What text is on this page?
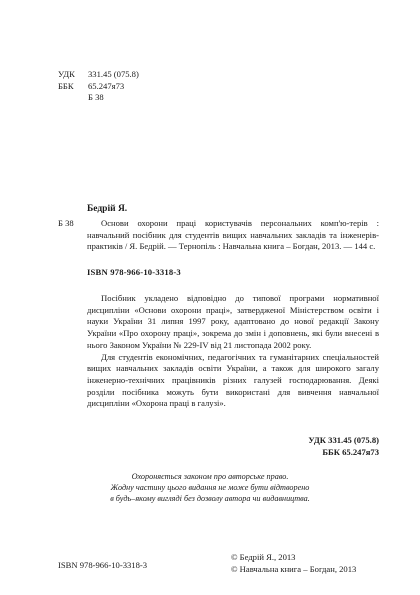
УДК	331.45 (075.8)
ББК	65.247я73
Б 38
Бедрій Я.
Б 38	Основи охорони праці користувачів персональних комп'ю-терів : навчальний посібник для студентів вищих навчальних закладів та інженерів-практиків / Я. Бедрій. — Тернопіль : Навчальна книга – Богдан, 2013. — 144 с.
ISBN 978-966-10-3318-3

Посібник укладено відповідно до типової програми нормативної дисципліни «Основи охорони праці», затвердженої Міністерством освіти і науки України 31 липня 1997 року, адаптовано до нової редакції Закону України «Про охорону праці», зокрема до змін і доповнень, які були внесені в нього Законом України № 229-IV від 21 листопада 2002 року.

Для студентів економічних, педагогічних та гуманітарних спеціальностей вищих навчальних закладів освіти України, а також для широкого загалу інженерно-технічних працівників різних галузей господарювання. Деякі розділи посібника можуть бути використані для вивчення навчальної дисципліни «Охорона праці в галузі».

УДК 331.45 (075.8)
ББК 65.247я73
Охороняється законом про авторське право.
Жодну частину цього видання не може бути відтворено
в будь–якому вигляді без дозволу автора чи видавництва.
ISBN 978-966-10-3318-3
© Бедрій Я., 2013
© Навчальна книга – Богдан, 2013
